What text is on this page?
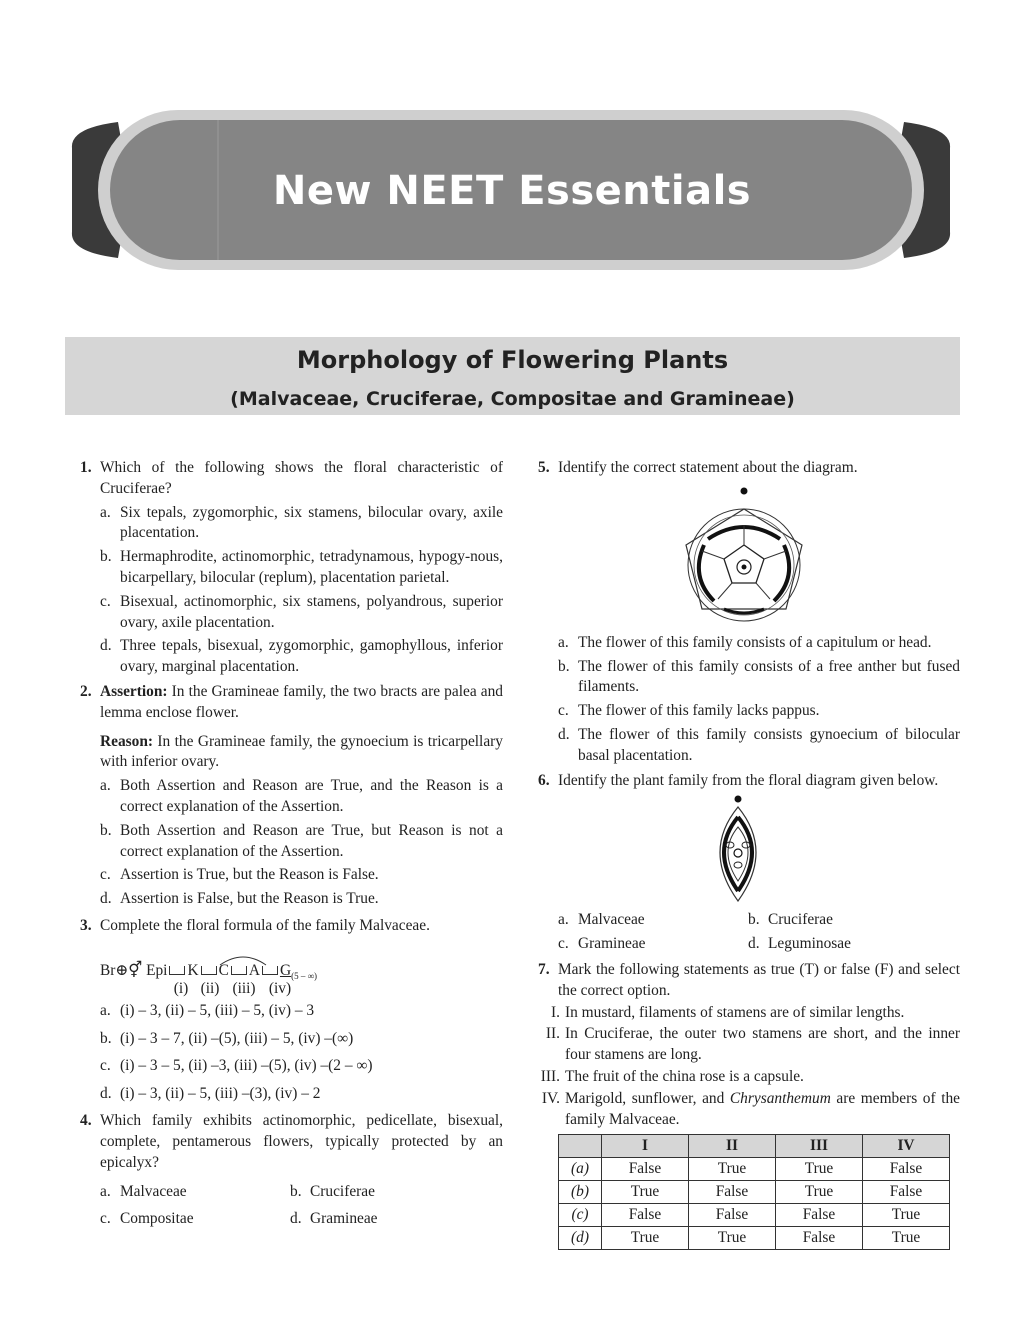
New NEET Essentials
Morphology of Flowering Plants
(Malvaceae, Cruciferae, Compositae and Gramineae)
1. Which of the following shows the floral characteristic of Cruciferae?
a. Six tepals, zygomorphic, six stamens, bilocular ovary, axile placentation.
b. Hermaphrodite, actinomorphic, tetradynamous, hypogy-nous, bicarpellary, bilocular (replum), placentation parietal.
c. Bisexual, actinomorphic, six stamens, polyandrous, superior ovary, axile placentation.
d. Three tepals, bisexual, zygomorphic, gamophyllous, inferior ovary, marginal placentation.
2. Assertion: In the Gramineae family, the two bracts are palea and lemma enclose flower.
Reason: In the Gramineae family, the gynoecium is tricarpellary with inferior ovary.
a. Both Assertion and Reason are True, and the Reason is a correct explanation of the Assertion.
b. Both Assertion and Reason are True, but Reason is not a correct explanation of the Assertion.
c. Assertion is True, but the Reason is False.
d. Assertion is False, but the Reason is True.
3. Complete the floral formula of the family Malvaceae.
Br⊕⚥ Epi K C A $G_{(5 - \infty)}$
(i) (ii) (iii) (iv)
a. (i) – 3, (ii) – 5, (iii) – 5, (iv) – 3
b. (i) – 3 – 7, (ii) –(5), (iii) – 5, (iv) –(∞)
c. (i) – 3 – 5, (ii) –3, (iii) –(5), (iv) –(2 – ∞)
d. (i) – 3, (ii) – 5, (iii) –(3), (iv) – 2
4. Which family exhibits actinomorphic, pedicellate, bisexual, complete, pentamerous flowers, typically protected by an epicalyx?
a. Malvaceae	b. Cruciferae
c. Compositae	d. Gramineae
5. Identify the correct statement about the diagram.
a. The flower of this family consists of a capitulum or head.
b. The flower of this family consists of a free anther but fused filaments.
c. The flower of this family lacks pappus.
d. The flower of this family consists gynoecium of bilocular basal placentation.
6. Identify the plant family from the floral diagram given below.
a. Malvaceae	b. Cruciferae
c. Gramineae	d. Leguminosae
7. Mark the following statements as true (T) or false (F) and select the correct option.
I. In mustard, filaments of stamens are of similar lengths.
II. In Cruciferae, the outer two stamens are short, and the inner four stamens are long.
III. The fruit of the china rose is a capsule.
IV. Marigold, sunflower, and Chrysanthemum are members of the family Malvaceae.
	I	II	III	IV
(a)	False	True	True	False
(b)	True	False	True	False
(c)	False	False	False	True
(d)	True	True	False	True
